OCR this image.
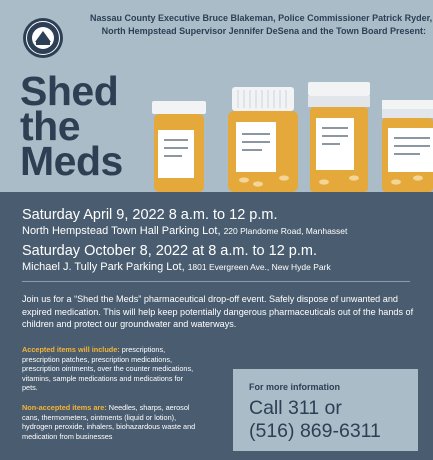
Nassau County Executive Bruce Blakeman, Police Commissioner Patrick Ryder,
North Hempstead Supervisor Jennifer DeSena and the Town Board Present:
Shed
the
Meds
Saturday April 9, 2022 8 a.m. to 12 p.m.
North Hempstead Town Hall Parking Lot, 220 Plandome Road, Manhasset
Saturday October 8, 2022 at 8 a.m. to 12 p.m.
Michael J. Tully Park Parking Lot, 1801 Evergreen Ave., New Hyde Park
Join us for a “Shed the Meds” pharmaceutical drop-off event. Safely dispose of unwanted and expired medication. This will help keep potentially dangerous pharmaceuticals out of the hands of children and protect our groundwater and waterways.
Accepted items will include: prescriptions, prescription patches, prescription medications, prescription ointments, over the counter medications, vitamins, sample medications and medications for pets.
Non-accepted items are: Needles, sharps, aerosol cans, thermometers, ointments (liquid or lotion), hydrogen peroxide, inhalers, biohazardous waste and medication from businesses
For more information
Call 311 or
(516) 869-6311
